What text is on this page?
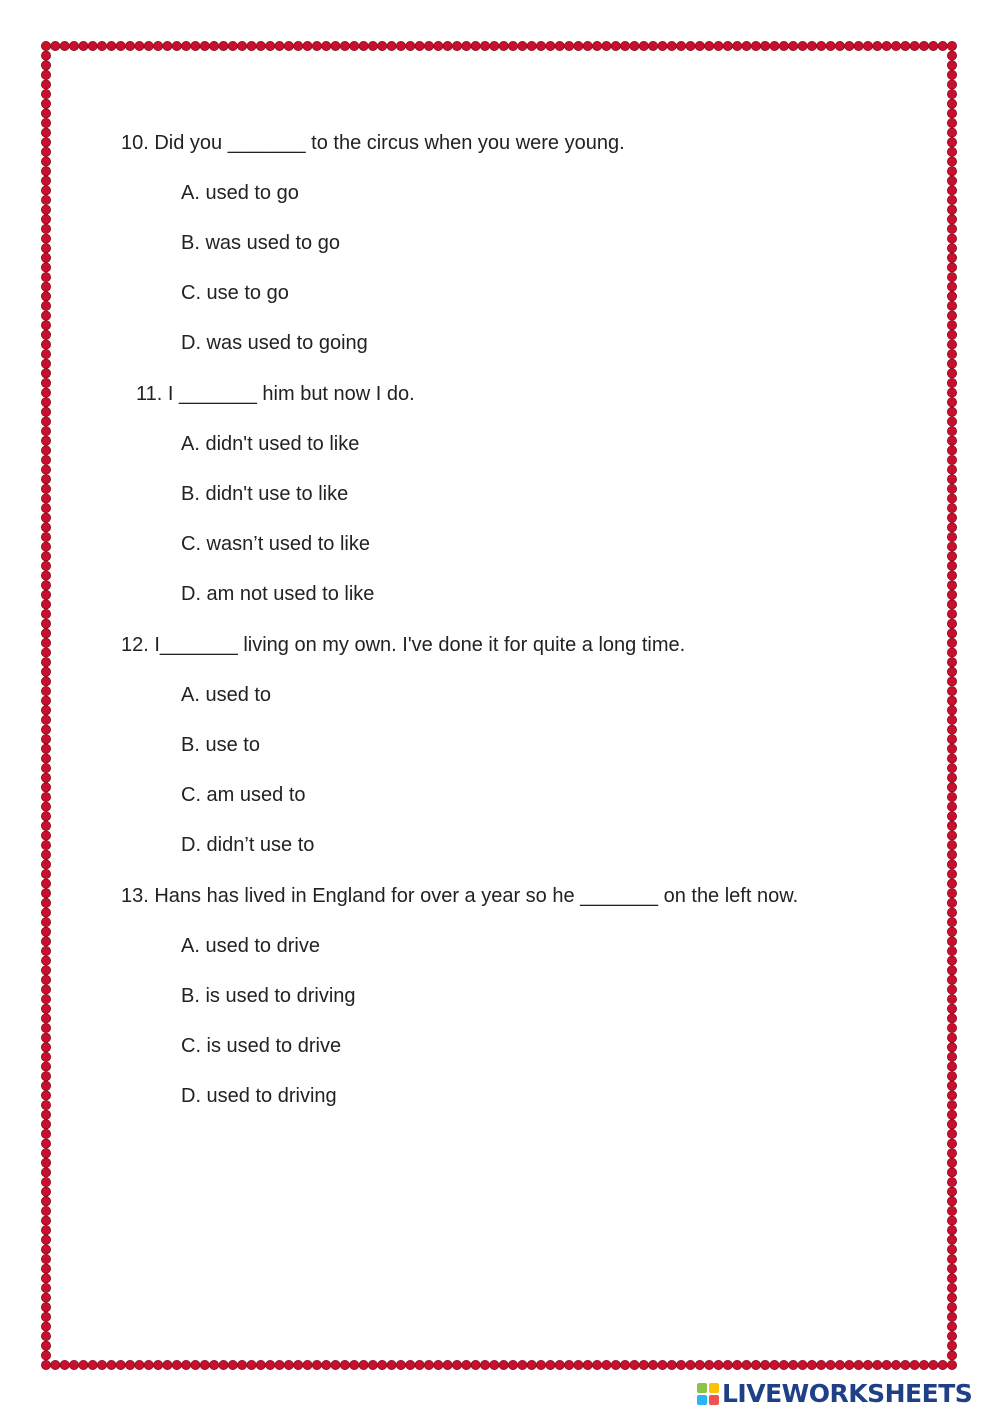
10. Did you _______ to the circus when you were young.

A. used to go

B. was used to go

C. use to go

D. was used to going

11. I _______ him but now I do.

A. didn't used to like

B. didn't use to like

C. wasn’t used to like

D. am not used to like

12. I_______ living on my own. I've done it for quite a long time.

A. used to

B. use to

C. am used to

D. didn’t use to

13. Hans has lived in England for over a year so he _______ on the left now.

A. used to drive

B. is used to driving

C. is used to drive

D. used to driving

LIVEWORKSHEETS
